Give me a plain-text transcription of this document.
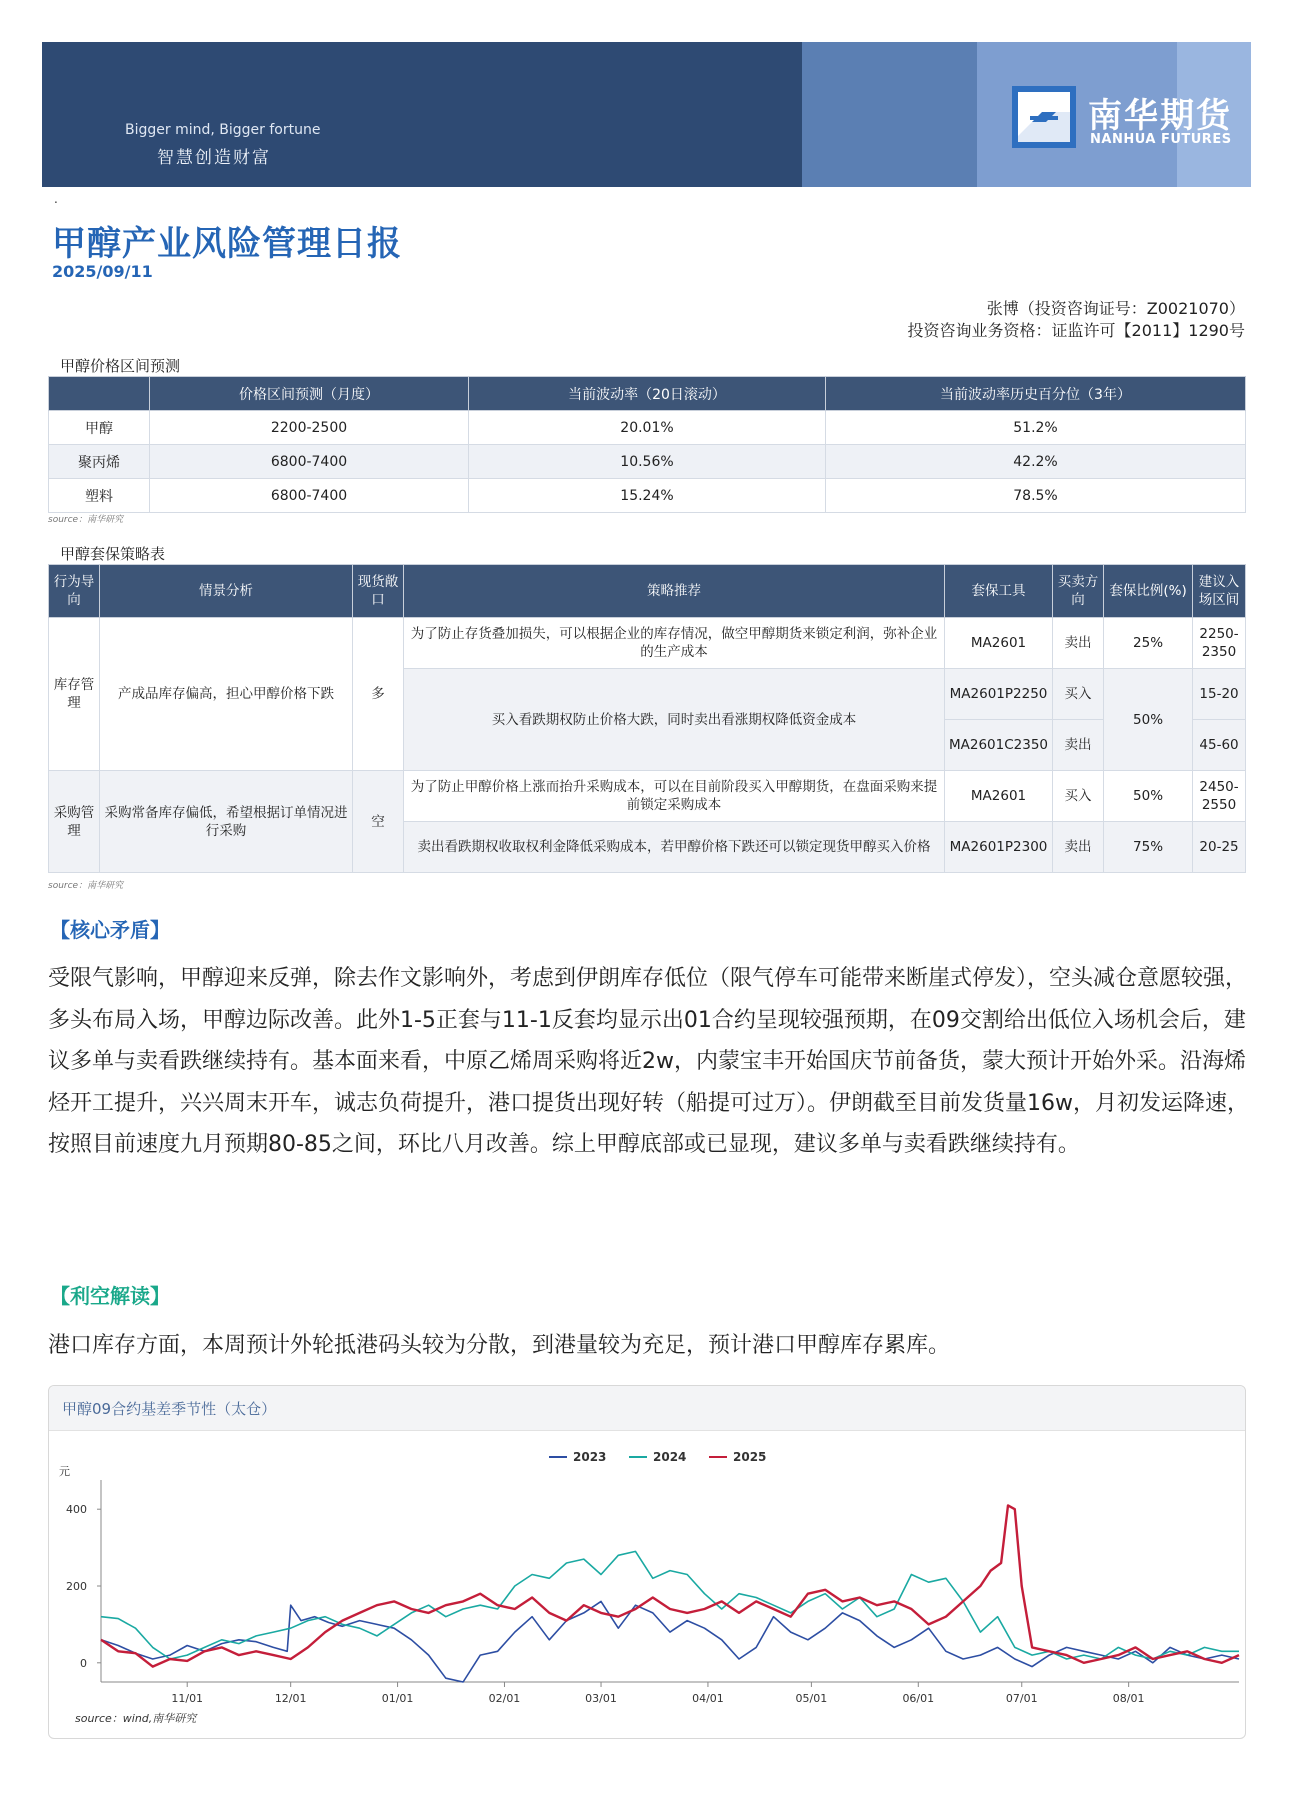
Bigger mind, Bigger fortune
智慧创造财富
南华期货
NANHUA FUTURES
.
甲醇产业风险管理日报
2025/09/11
张博（投资咨询证号：Z0021070）
投资咨询业务资格：证监许可【2011】1290号
甲醇价格区间预测
	价格区间预测（月度）	当前波动率（20日滚动）	当前波动率历史百分位（3年）
甲醇	2200-2500	20.01%	51.2%
聚丙烯	6800-7400	10.56%	42.2%
塑料	6800-7400	15.24%	78.5%
source：南华研究
甲醇套保策略表
行为导向	情景分析	现货敞口	策略推荐	套保工具	买卖方向	套保比例(%)	建议入场区间
库存管理	产成品库存偏高，担心甲醇价格下跌	多	为了防止存货叠加损失，可以根据企业的库存情况，做空甲醇期货来锁定利润，弥补企业的生产成本	MA2601	卖出	25%	2250-2350
			买入看跌期权防止价格大跌，同时卖出看涨期权降低资金成本	MA2601P2250	买入	50%	15-20
				MA2601C2350	卖出		45-60
采购管理	采购常备库存偏低，希望根据订单情况进行采购	空	为了防止甲醇价格上涨而抬升采购成本，可以在目前阶段买入甲醇期货，在盘面采购来提前锁定采购成本	MA2601	买入	50%	2450-2550
			卖出看跌期权收取权利金降低采购成本，若甲醇价格下跌还可以锁定现货甲醇买入价格	MA2601P2300	卖出	75%	20-25
source：南华研究
【核心矛盾】
受限气影响，甲醇迎来反弹，除去作文影响外，考虑到伊朗库存低位（限气停车可能带来断崖式停发），空头减仓意愿较强，多头布局入场，甲醇边际改善。此外1-5正套与11-1反套均显示出01合约呈现较强预期，在09交割给出低位入场机会后，建议多单与卖看跌继续持有。基本面来看，中原乙烯周采购将近2w，内蒙宝丰开始国庆节前备货，蒙大预计开始外采。沿海烯烃开工提升，兴兴周末开车，诚志负荷提升，港口提货出现好转（船提可过万）。伊朗截至目前发货量16w，月初发运降速，按照目前速度九月预期80-85之间，环比八月改善。综上甲醇底部或已显现，建议多单与卖看跌继续持有。
【利空解读】
港口库存方面，本周预计外轮抵港码头较为分散，到港量较为充足，预计港口甲醇库存累库。
甲醇09合约基差季节性（太仓）
元
0
200
400
11/01	12/01	01/01	02/01	03/01	04/01	05/01	06/01	07/01	08/01
2023	2024	2025
source：wind,南华研究
